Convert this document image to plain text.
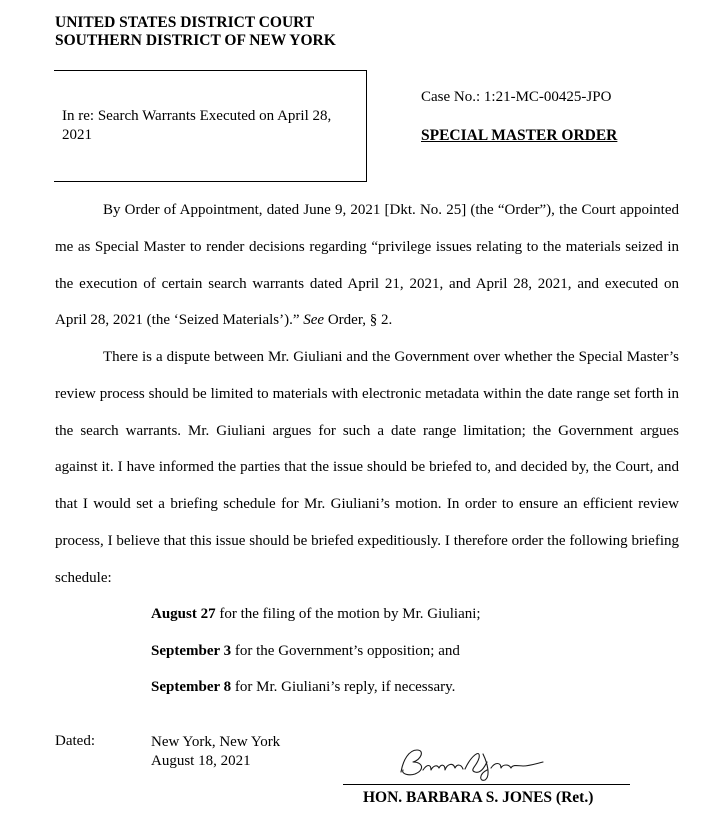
UNITED STATES DISTRICT COURT
SOUTHERN DISTRICT OF NEW YORK
In re: Search Warrants Executed on April 28,
2021
Case No.: 1:21-MC-00425-JPO
SPECIAL MASTER ORDER

By Order of Appointment, dated June 9, 2021 [Dkt. No. 25] (the “Order”), the Court appointed me as Special Master to render decisions regarding “privilege issues relating to the materials seized in the execution of certain search warrants dated April 21, 2021, and April 28, 2021, and executed on April 28, 2021 (the ‘Seized Materials’).” See Order, § 2.

There is a dispute between Mr. Giuliani and the Government over whether the Special Master’s review process should be limited to materials with electronic metadata within the date range set forth in the search warrants. Mr. Giuliani argues for such a date range limitation; the Government argues against it. I have informed the parties that the issue should be briefed to, and decided by, the Court, and that I would set a briefing schedule for Mr. Giuliani’s motion. In order to ensure an efficient review process, I believe that this issue should be briefed expeditiously. I therefore order the following briefing schedule:

August 27 for the filing of the motion by Mr. Giuliani;
September 3 for the Government’s opposition; and
September 8 for Mr. Giuliani’s reply, if necessary.
Dated:	New York, New York
August 18, 2021
HON. BARBARA S. JONES (Ret.)
